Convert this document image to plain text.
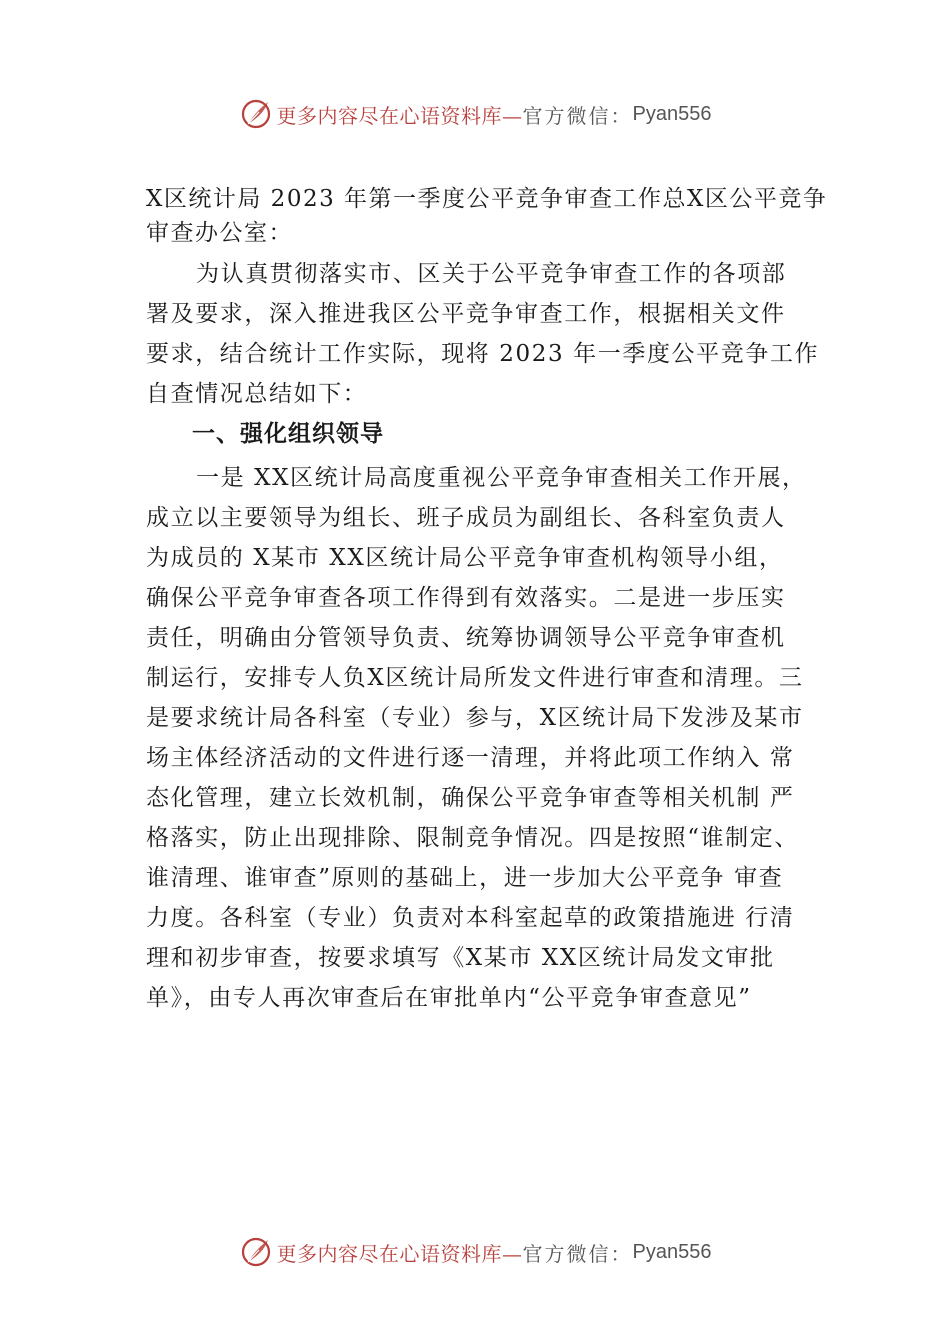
更多内容尽在心语资料库— 官方微信： Pyan556

X区统计局 2023 年第一季度公平竞争审查工作总X区公平竞争

审查办公室：

为认真贯彻落实市、区关于公平竞争审查工作的各项部

署及要求，深入推进我区公平竞争审查工作，根据相关文件

要求，结合统计工作实际，现将 2023 年一季度公平竞争工作

自查情况总结如下：

一、强化组织领导

一是 XX区统计局高度重视公平竞争审查相关工作开展，

成立以主要领导为组长、班子成员为副组长、各科室负责人

为成员的 X某市 XX区统计局公平竞争审查机构领导小组，

确保公平竞争审查各项工作得到有效落实。二是进一步压实

责任，明确由分管领导负责、统筹协调领导公平竞争审查机

制运行，安排专人负X区统计局所发文件进行审查和清理。三

是要求统计局各科室（专业）参与，X区统计局下发涉及某市

场主体经济活动的文件进行逐一清理，并将此项工作纳入 常

态化管理，建立长效机制，确保公平竞争审查等相关机制 严

格落实，防止出现排除、限制竞争情况。四是按照“谁制定、

谁清理、谁审查”原则的基础上，进一步加大公平竞争 审查

力度。各科室（专业）负责对本科室起草的政策措施进 行清

理和初步审查，按要求填写《X某市 XX区统计局发文审批

单》，由专人再次审查后在审批单内“公平竞争审查意见”

更多内容尽在心语资料库— 官方微信： Pyan556
